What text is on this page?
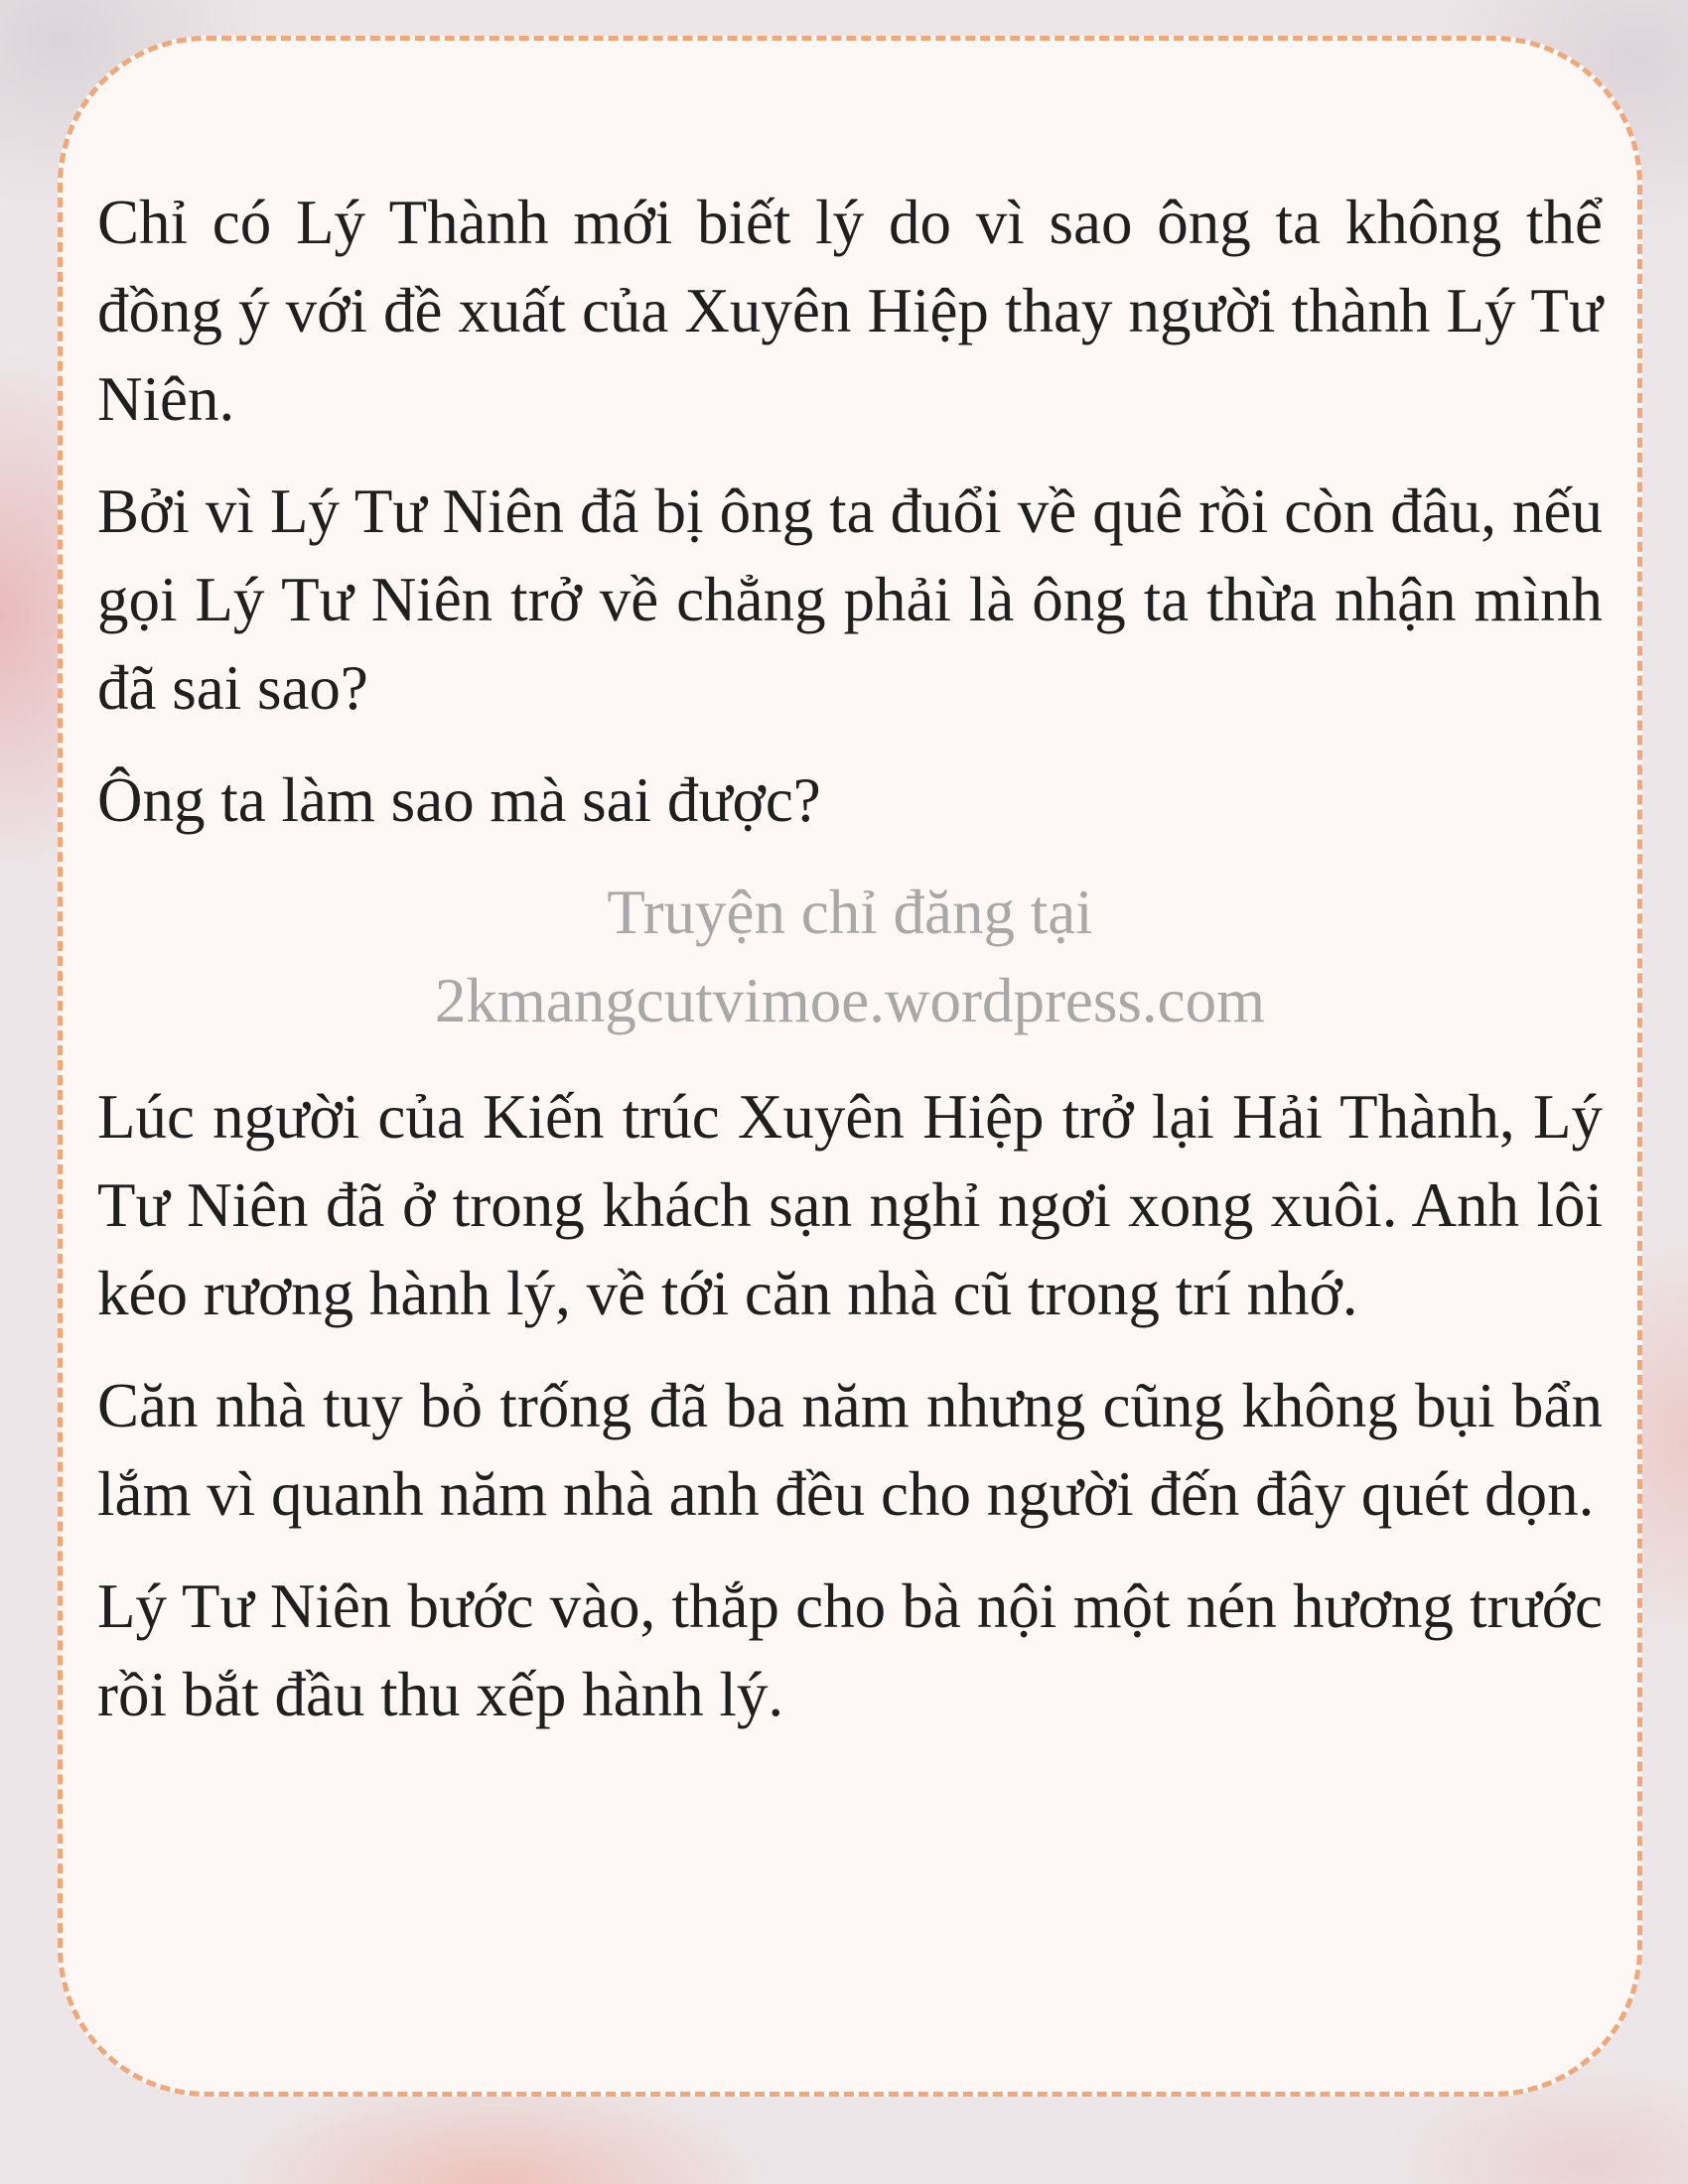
Chỉ có Lý Thành mới biết lý do vì sao ông ta không thể đồng ý với đề xuất của Xuyên Hiệp thay người thành Lý Tư Niên.

Bởi vì Lý Tư Niên đã bị ông ta đuổi về quê rồi còn đâu, nếu gọi Lý Tư Niên trở về chẳng phải là ông ta thừa nhận mình đã sai sao?

Ông ta làm sao mà sai được?

Truyện chỉ đăng tại
2kmangcutvimoe.wordpress.com

Lúc người của Kiến trúc Xuyên Hiệp trở lại Hải Thành, Lý Tư Niên đã ở trong khách sạn nghỉ ngơi xong xuôi. Anh lôi kéo rương hành lý, về tới căn nhà cũ trong trí nhớ.

Căn nhà tuy bỏ trống đã ba năm nhưng cũng không bụi bẩn lắm vì quanh năm nhà anh đều cho người đến đây quét dọn.

Lý Tư Niên bước vào, thắp cho bà nội một nén hương trước rồi bắt đầu thu xếp hành lý.
